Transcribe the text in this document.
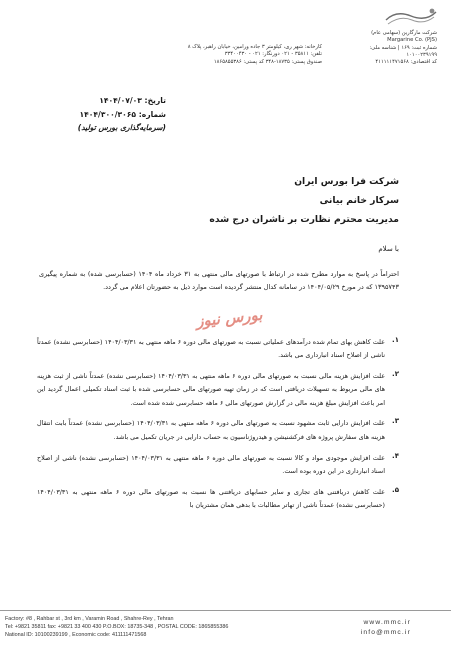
شرکت مارگارین (سهامی عام)
Margarine Co. (PJS)
شماره ثبت: ۱۶۹ | شناسه ملی: ۱۰۱۰۰۲۳۹۱۹۹
کد اقتصادی: ۴۱۱۱۱۱۴۷۱۵۶۸
کارخانه: شهر ری، کیلومتر ۳ جاده ورامین، خیابان راهبر، پلاک ۸
تلفن: ۳۵۸۱۱ - ۰۲۱ دورنگار: ۰۲۱ - ۳۳۴۰۰۴۳۰
صندوق پستی: ۱۸۷۳۵-۳۴۸ کد پستی: ۱۸۶۵۸۵۵۳۸۶
تاریخ: ۱۴۰۴/۰۷/۰۳
شماره: ۱۴۰۴/۳۰۰/۳۰۶۵
(سرمایه‌گذاری بورس تولید)
شرکت فرا بورس ایران
سرکار خانم بیانی
مدیریت محترم نظارت بر ناشران درج شده
با سلام
احتراماً در پاسخ به موارد مطرح شده در ارتباط با صورتهای مالی منتهی به ۳۱ خرداد ماه ۱۴۰۴ (حسابرسی شده) به شماره پیگیری ۱۳۹۵۷۴۳ که در مورخ ۱۴۰۴/۰۵/۲۹ در سامانه کدال منتشر گردیده است موارد ذیل به حضورتان اعلام می گردد.
بورس نیوز
۱.
علت کاهش بهای تمام شده درآمدهای عملیاتی نسبت به صورتهای مالی دوره ۶ ماهه منتهی به ۱۴۰۴/۰۳/۳۱ (حسابرسی نشده) عمدتاً ناشی از اصلاح اسناد انبارداری می باشد.
۲.
علت افزایش هزینه مالی نسبت به صورتهای مالی دوره ۶ ماهه منتهی به ۱۴۰۴/۰۳/۳۱ (حسابرسی نشده) عمدتاً ناشی از ثبت هزینه های مالی مربوط به تسهیلات دریافتی است که در زمان تهیه صورتهای مالی حسابرسی شده با ثبت اسناد تکمیلی اعمال گردید این امر باعث افزایش مبلغ هزینه مالی در گزارش صورتهای مالی ۶ ماهه حسابرسی شده شده است.
۳.
علت افزایش دارایی ثابت مشهود نسبت به صورتهای مالی دوره ۶ ماهه منتهی به ۱۴۰۴/۰۳/۳۱ (حسابرسی نشده) عمدتاً بابت انتقال هزینه های سفارش پروژه های فرکشنیشن و هیدروژناسیون به حساب دارایی در جریان تکمیل می باشد.
۴.
علت افزایش موجودی مواد و کالا نسبت به صورتهای مالی دوره ۶ ماهه منتهی به ۱۴۰۴/۰۳/۳۱ (حسابرسی نشده) ناشی از اصلاح اسناد انبارداری در این دوره بوده است.
۵.
علت کاهش دریافتنی های تجاری و سایر حسابهای دریافتنی ها نسبت به صورتهای مالی دوره ۶ ماهه منتهی به ۱۴۰۴/۰۳/۳۱ (حسابرسی نشده) عمدتاً ناشی از تهاتر مطالبات با بدهی همان مشتریان با
Factory: #8 , Rahbar st , 3rd km , Varamin Road , Shahre-Rey , Tehran
Tel: +9821 35811 fax: +9821 33 400 430 P.O.BOX: 18735-348 , POSTAL CODE: 1865855386
National ID: 10100239199 , Economic code: 411111471568
www.mmc.ir
info@mmc.ir
